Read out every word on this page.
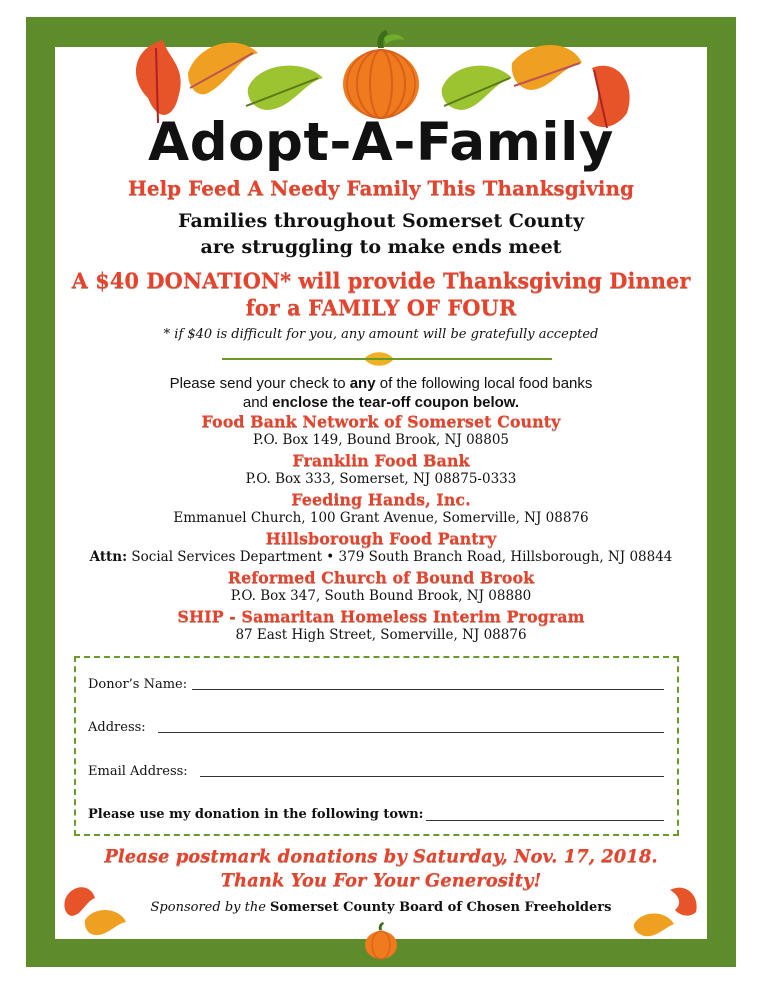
Adopt-A-Family
Help Feed A Needy Family This Thanksgiving
Families throughout Somerset County
are struggling to make ends meet
A $40 DONATION* will provide Thanksgiving Dinner
for a FAMILY OF FOUR
* if $40 is difficult for you, any amount will be gratefully accepted
Please send your check to any of the following local food banks
and enclose the tear-off coupon below.
Food Bank Network of Somerset County
P.O. Box 149, Bound Brook, NJ 08805
Franklin Food Bank
P.O. Box 333, Somerset, NJ 08875-0333
Feeding Hands, Inc.
Emmanuel Church, 100 Grant Avenue, Somerville, NJ 08876
Hillsborough Food Pantry
Attn: Social Services Department • 379 South Branch Road, Hillsborough, NJ 08844
Reformed Church of Bound Brook
P.O. Box 347, South Bound Brook, NJ 08880
SHIP - Samaritan Homeless Interim Program
87 East High Street, Somerville, NJ 08876
Donor’s Name:
Address:
Email Address:
Please use my donation in the following town:
Please postmark donations by Saturday, Nov. 17, 2018.
Thank You For Your Generosity!
Sponsored by the Somerset County Board of Chosen Freeholders
